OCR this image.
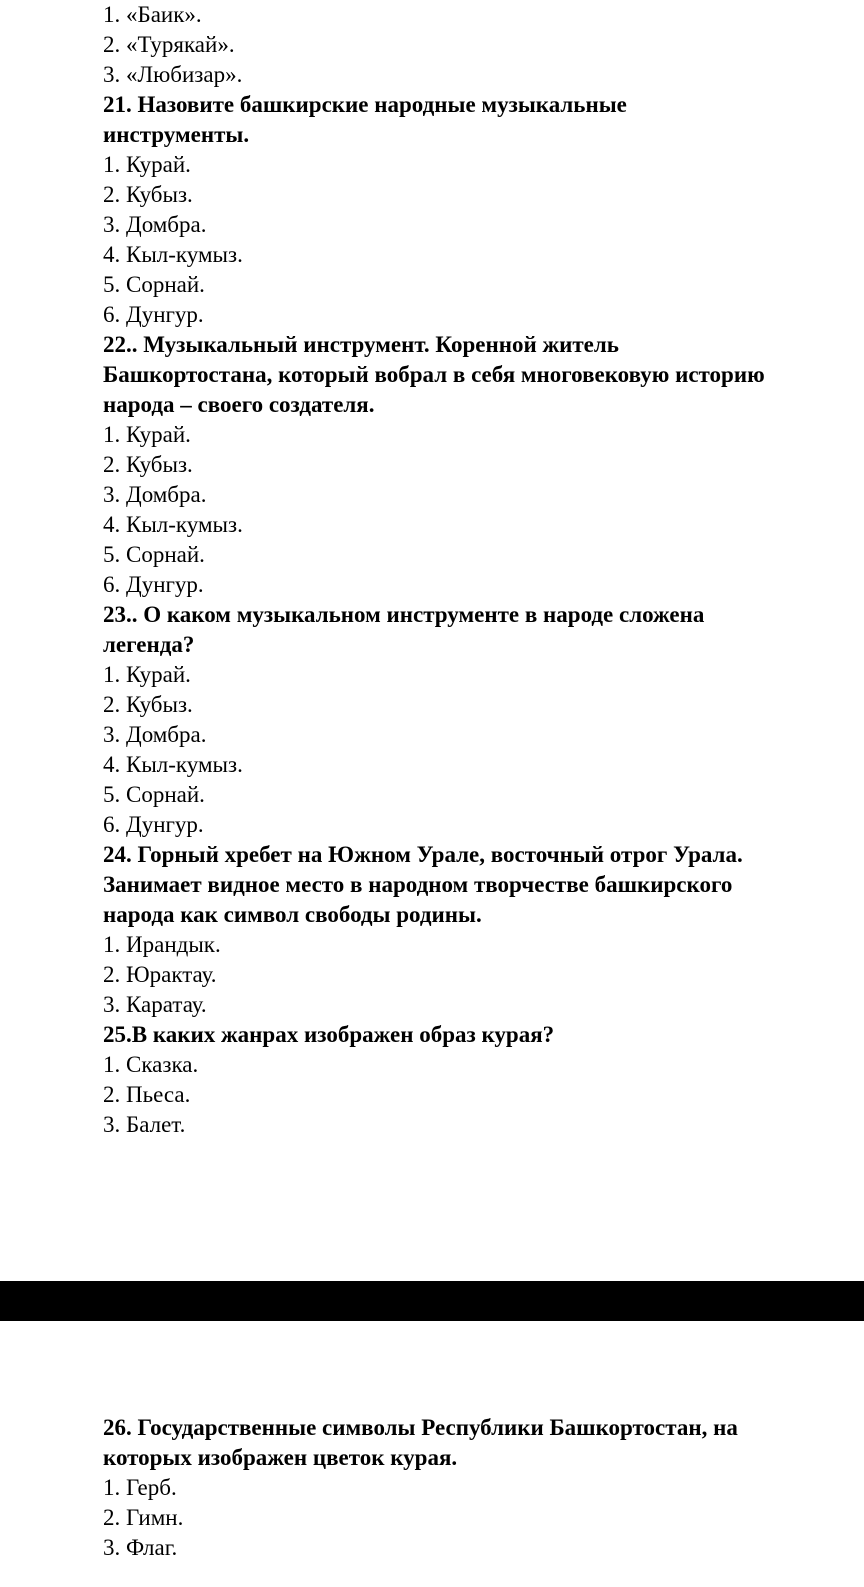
1. «Баик».
2. «Турякай».
3. «Любизар».
21. Назовите башкирские народные музыкальные
инструменты.
1. Курай.
2. Кубыз.
3. Домбра.
4. Кыл-кумыз.
5. Сорнай.
6. Дунгур.
22.. Музыкальный инструмент. Коренной житель
Башкортостана, который вобрал в себя многовековую историю
народа – своего создателя.
1. Курай.
2. Кубыз.
3. Домбра.
4. Кыл-кумыз.
5. Сорнай.
6. Дунгур.
23.. О каком музыкальном инструменте в народе сложена
легенда?
1. Курай.
2. Кубыз.
3. Домбра.
4. Кыл-кумыз.
5. Сорнай.
6. Дунгур.
24. Горный хребет на Южном Урале, восточный отрог Урала.
Занимает видное место в народном творчестве башкирского
народа как символ свободы родины.
1. Ирандык.
2. Юрактау.
3. Каратау.
25.В каких жанрах изображен образ курая?
1. Сказка.
2. Пьеса.
3. Балет.
26. Государственные символы Республики Башкортостан, на
которых изображен цветок курая.
1. Герб.
2. Гимн.
3. Флаг.
